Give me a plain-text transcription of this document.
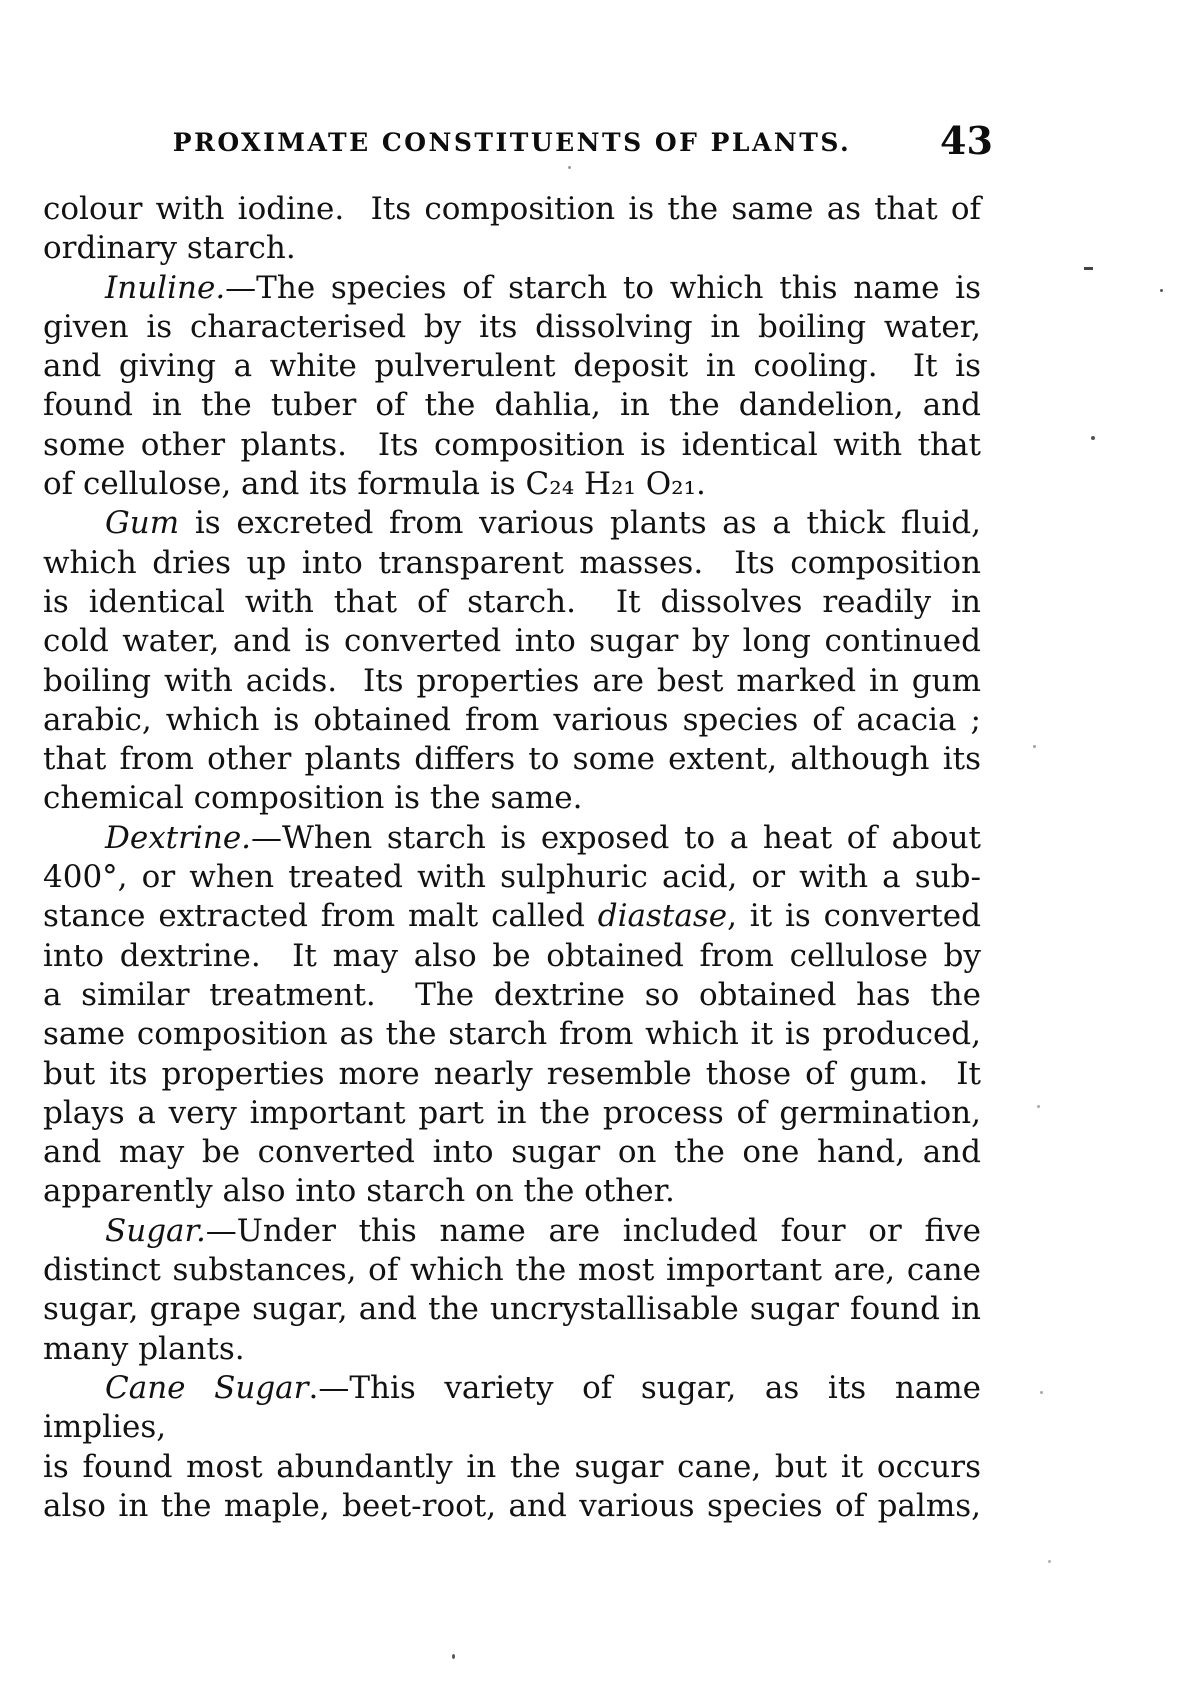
PROXIMATE CONSTITUENTS OF PLANTS.	43
colour with iodine.  Its composition is the same as that of
ordinary starch.
Inuline.—The species of starch to which this name is
given is characterised by its dissolving in boiling water,
and giving a white pulverulent deposit in cooling.  It is
found in the tuber of the dahlia, in the dandelion, and
some other plants.  Its composition is identical with that
of cellulose, and its formula is C₂₄ H₂₁ O₂₁.
Gum is excreted from various plants as a thick fluid,
which dries up into transparent masses.  Its composition
is identical with that of starch.  It dissolves readily in
cold water, and is converted into sugar by long continued
boiling with acids.  Its properties are best marked in gum
arabic, which is obtained from various species of acacia ;
that from other plants differs to some extent, although its
chemical composition is the same.
Dextrine.—When starch is exposed to a heat of about
400°, or when treated with sulphuric acid, or with a sub-
stance extracted from malt called diastase, it is converted
into dextrine.  It may also be obtained from cellulose by
a similar treatment.  The dextrine so obtained has the
same composition as the starch from which it is produced,
but its properties more nearly resemble those of gum.  It
plays a very important part in the process of germination,
and may be converted into sugar on the one hand, and
apparently also into starch on the other.
Sugar.—Under this name are included four or five
distinct substances, of which the most important are, cane
sugar, grape sugar, and the uncrystallisable sugar found in
many plants.
Cane Sugar.—This variety of sugar, as its name implies,
is found most abundantly in the sugar cane, but it occurs
also in the maple, beet-root, and various species of palms,
